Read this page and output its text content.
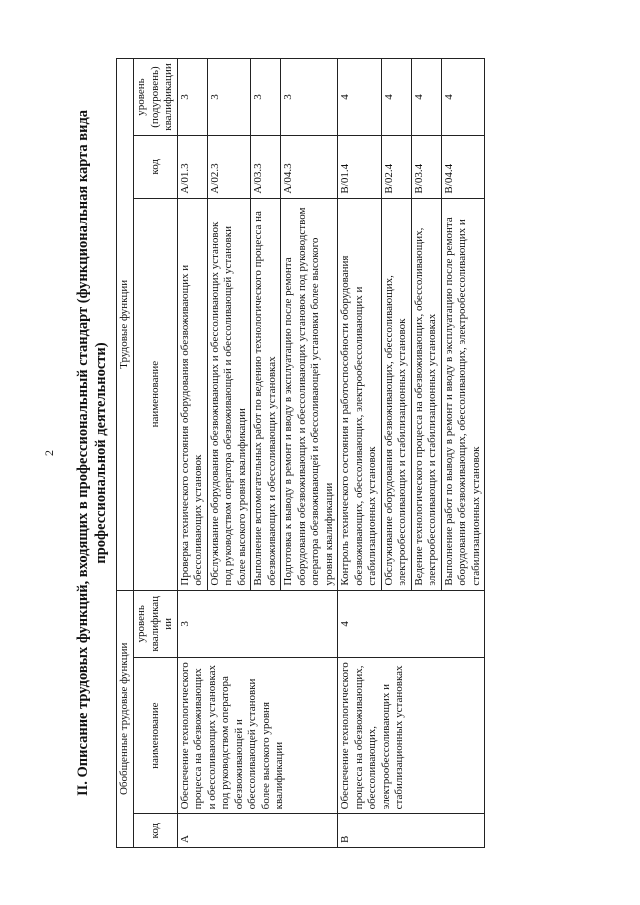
2 II. Описание трудовых функций, входящих в профессиональный стандарт (функциональная карта вида профессиональной деятельности)
Обобщенные трудовые функции			Трудовые функции		
код	наименование	уровень квалификации	наименование	код	уровень (подуровень) квалификации
A	Обеспечение технологического процесса на обезвоживающих и обессоливающих установках под руководством оператора обезвоживающей и обессоливающей установки более высокого уровня квалификации	3	Проверка технического состояния оборудования обезвоживающих и обессоливающих установок	A/01.3	3
			Обслуживание оборудования обезвоживающих и обессоливающих установок под руководством оператора обезвоживающей и обессоливающей установки более высокого уровня квалификации	A/02.3	3
			Выполнение вспомогательных работ по ведению технологического процесса на обезвоживающих и обессоливающих установках	A/03.3	3
			Подготовка к выводу в ремонт и вводу в эксплуатацию после ремонта оборудования обезвоживающих и обессоливающих установок под руководством оператора обезвоживающей и обессоливающей установки более высокого уровня квалификации	A/04.3	3
B	Обеспечение технологического процесса на обезвоживающих, обессоливающих, электрообессоливающих и стабилизационных установках	4	Контроль технического состояния и работоспособности оборудования обезвоживающих, обессоливающих, электрообессоливающих и стабилизационных установок	B/01.4	4
			Обслуживание оборудования обезвоживающих, обессоливающих, электрообессоливающих и стабилизационных установок	B/02.4	4
			Ведение технологического процесса на обезвоживающих, обессоливающих, электрообессоливающих и стабилизационных установках	B/03.4	4
			Выполнение работ по выводу в ремонт и вводу в эксплуатацию после ремонта оборудования обезвоживающих, обессоливающих, электрообессоливающих и стабилизационных установок	B/04.4	4
